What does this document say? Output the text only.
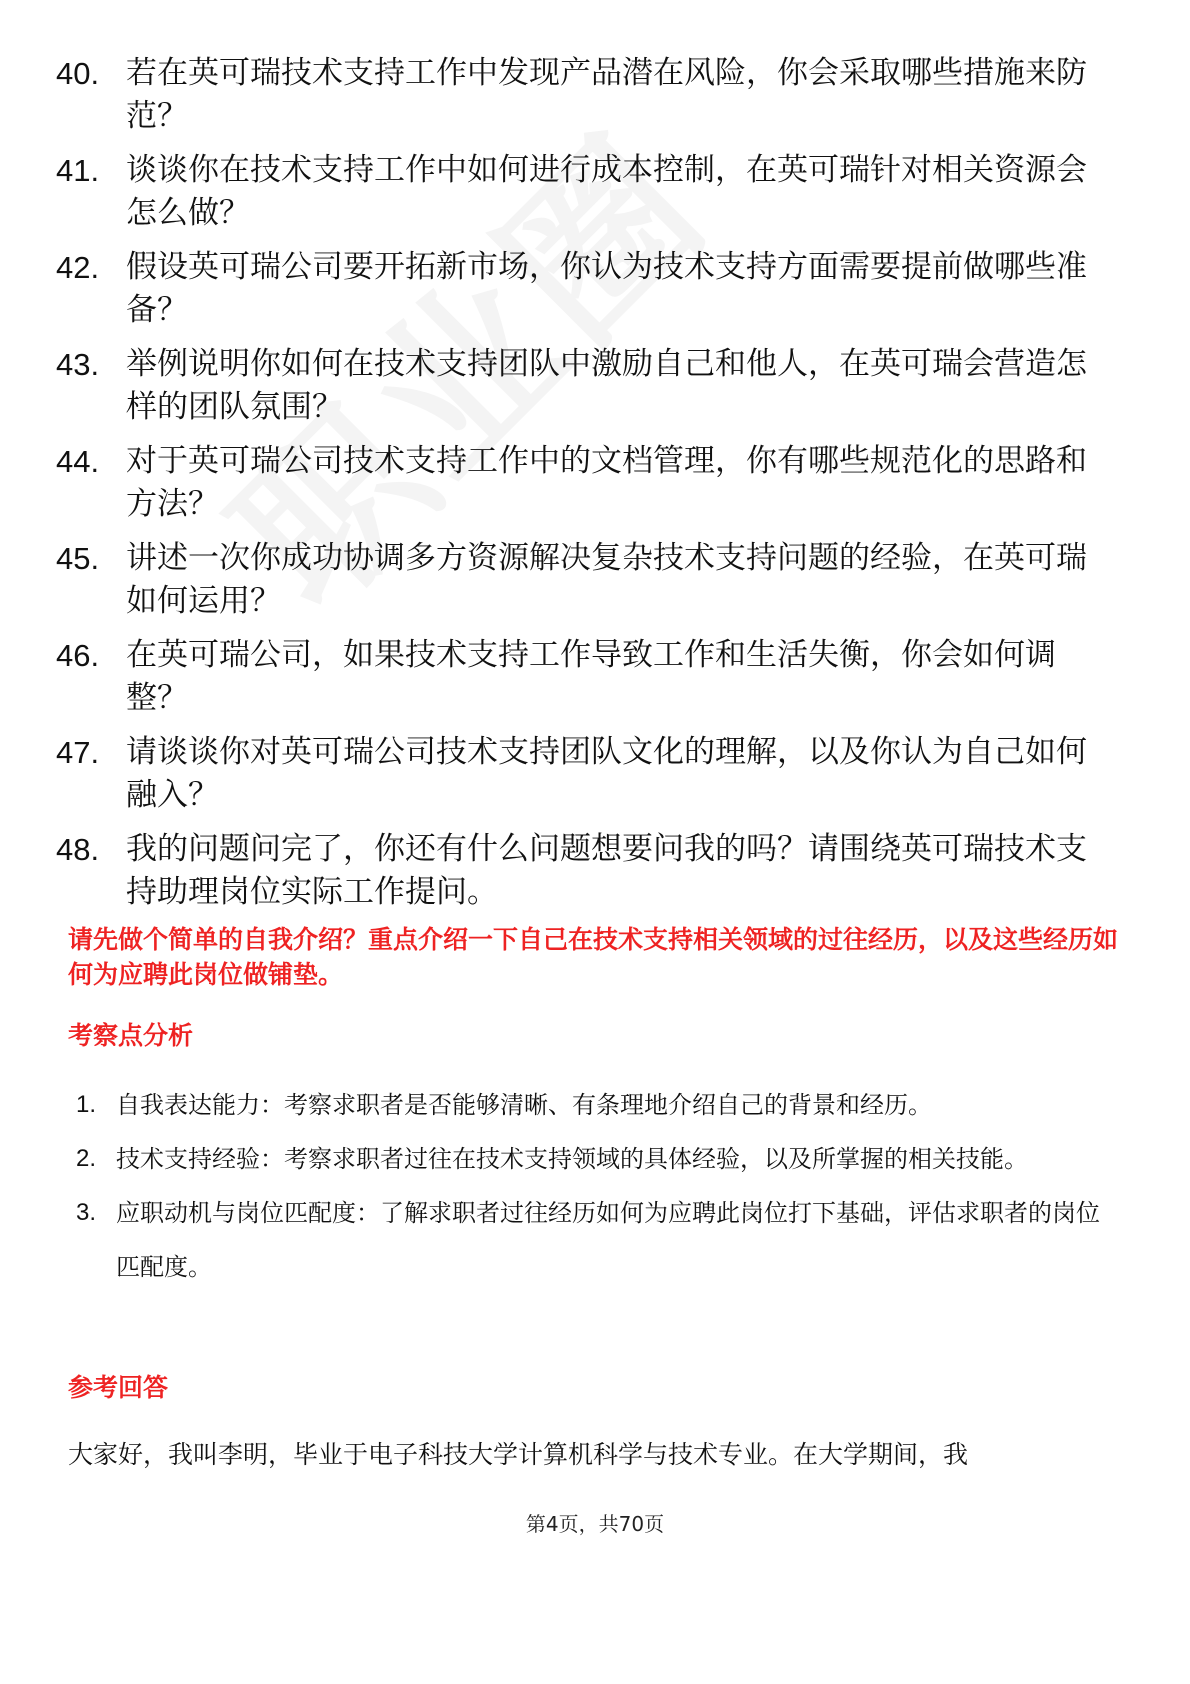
40. 若在英可瑞技术支持工作中发现产品潜在风险，你会采取哪些措施来防范？
41. 谈谈你在技术支持工作中如何进行成本控制，在英可瑞针对相关资源会怎么做？
42. 假设英可瑞公司要开拓新市场，你认为技术支持方面需要提前做哪些准备？
43. 举例说明你如何在技术支持团队中激励自己和他人，在英可瑞会营造怎样的团队氛围？
44. 对于英可瑞公司技术支持工作中的文档管理，你有哪些规范化的思路和方法？
45. 讲述一次你成功协调多方资源解决复杂技术支持问题的经验，在英可瑞如何运用？
46. 在英可瑞公司，如果技术支持工作导致工作和生活失衡，你会如何调整？
47. 请谈谈你对英可瑞公司技术支持团队文化的理解，以及你认为自己如何融入？
48. 我的问题问完了，你还有什么问题想要问我的吗？请围绕英可瑞技术支持助理岗位实际工作提问。

请先做个简单的自我介绍？重点介绍一下自己在技术支持相关领域的过往经历，以及这些经历如何为应聘此岗位做铺垫。

考察点分析
1. 自我表达能力：考察求职者是否能够清晰、有条理地介绍自己的背景和经历。
2. 技术支持经验：考察求职者过往在技术支持领域的具体经验，以及所掌握的相关技能。
3. 应职动机与岗位匹配度：了解求职者过往经历如何为应聘此岗位打下基础，评估求职者的岗位匹配度。
参考回答

大家好，我叫李明，毕业于电子科技大学计算机科学与技术专业。在大学期间，我

第4页，共70页
